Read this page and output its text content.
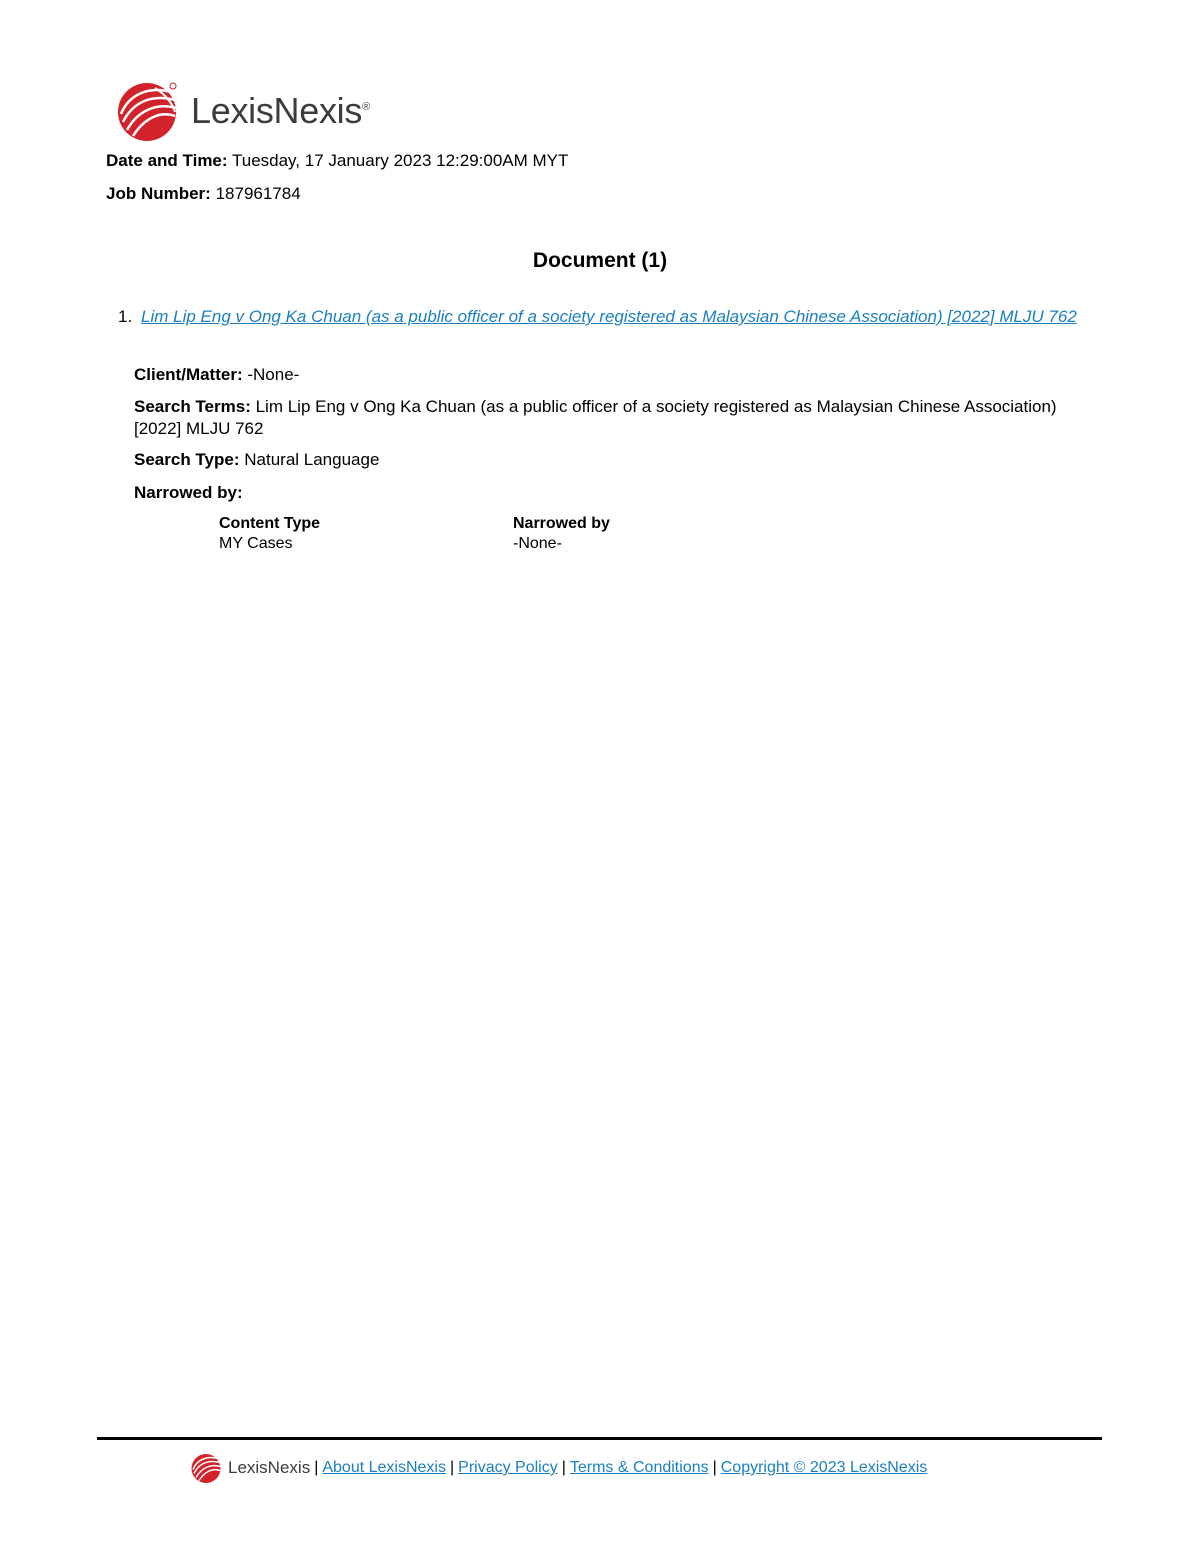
LexisNexis®
Date and Time: Tuesday, 17 January 2023 12:29:00AM MYT
Job Number: 187961784
Document (1)
1. Lim Lip Eng v Ong Ka Chuan (as a public officer of a society registered as Malaysian Chinese Association) [2022] MLJU 762
Client/Matter: -None-
Search Terms: Lim Lip Eng v Ong Ka Chuan (as a public officer of a society registered as Malaysian Chinese Association) [2022] MLJU 762
Search Type: Natural Language
Narrowed by:
Content Type
MY Cases
Narrowed by
-None-
LexisNexis | About LexisNexis | Privacy Policy | Terms & Conditions | Copyright © 2023 LexisNexis
